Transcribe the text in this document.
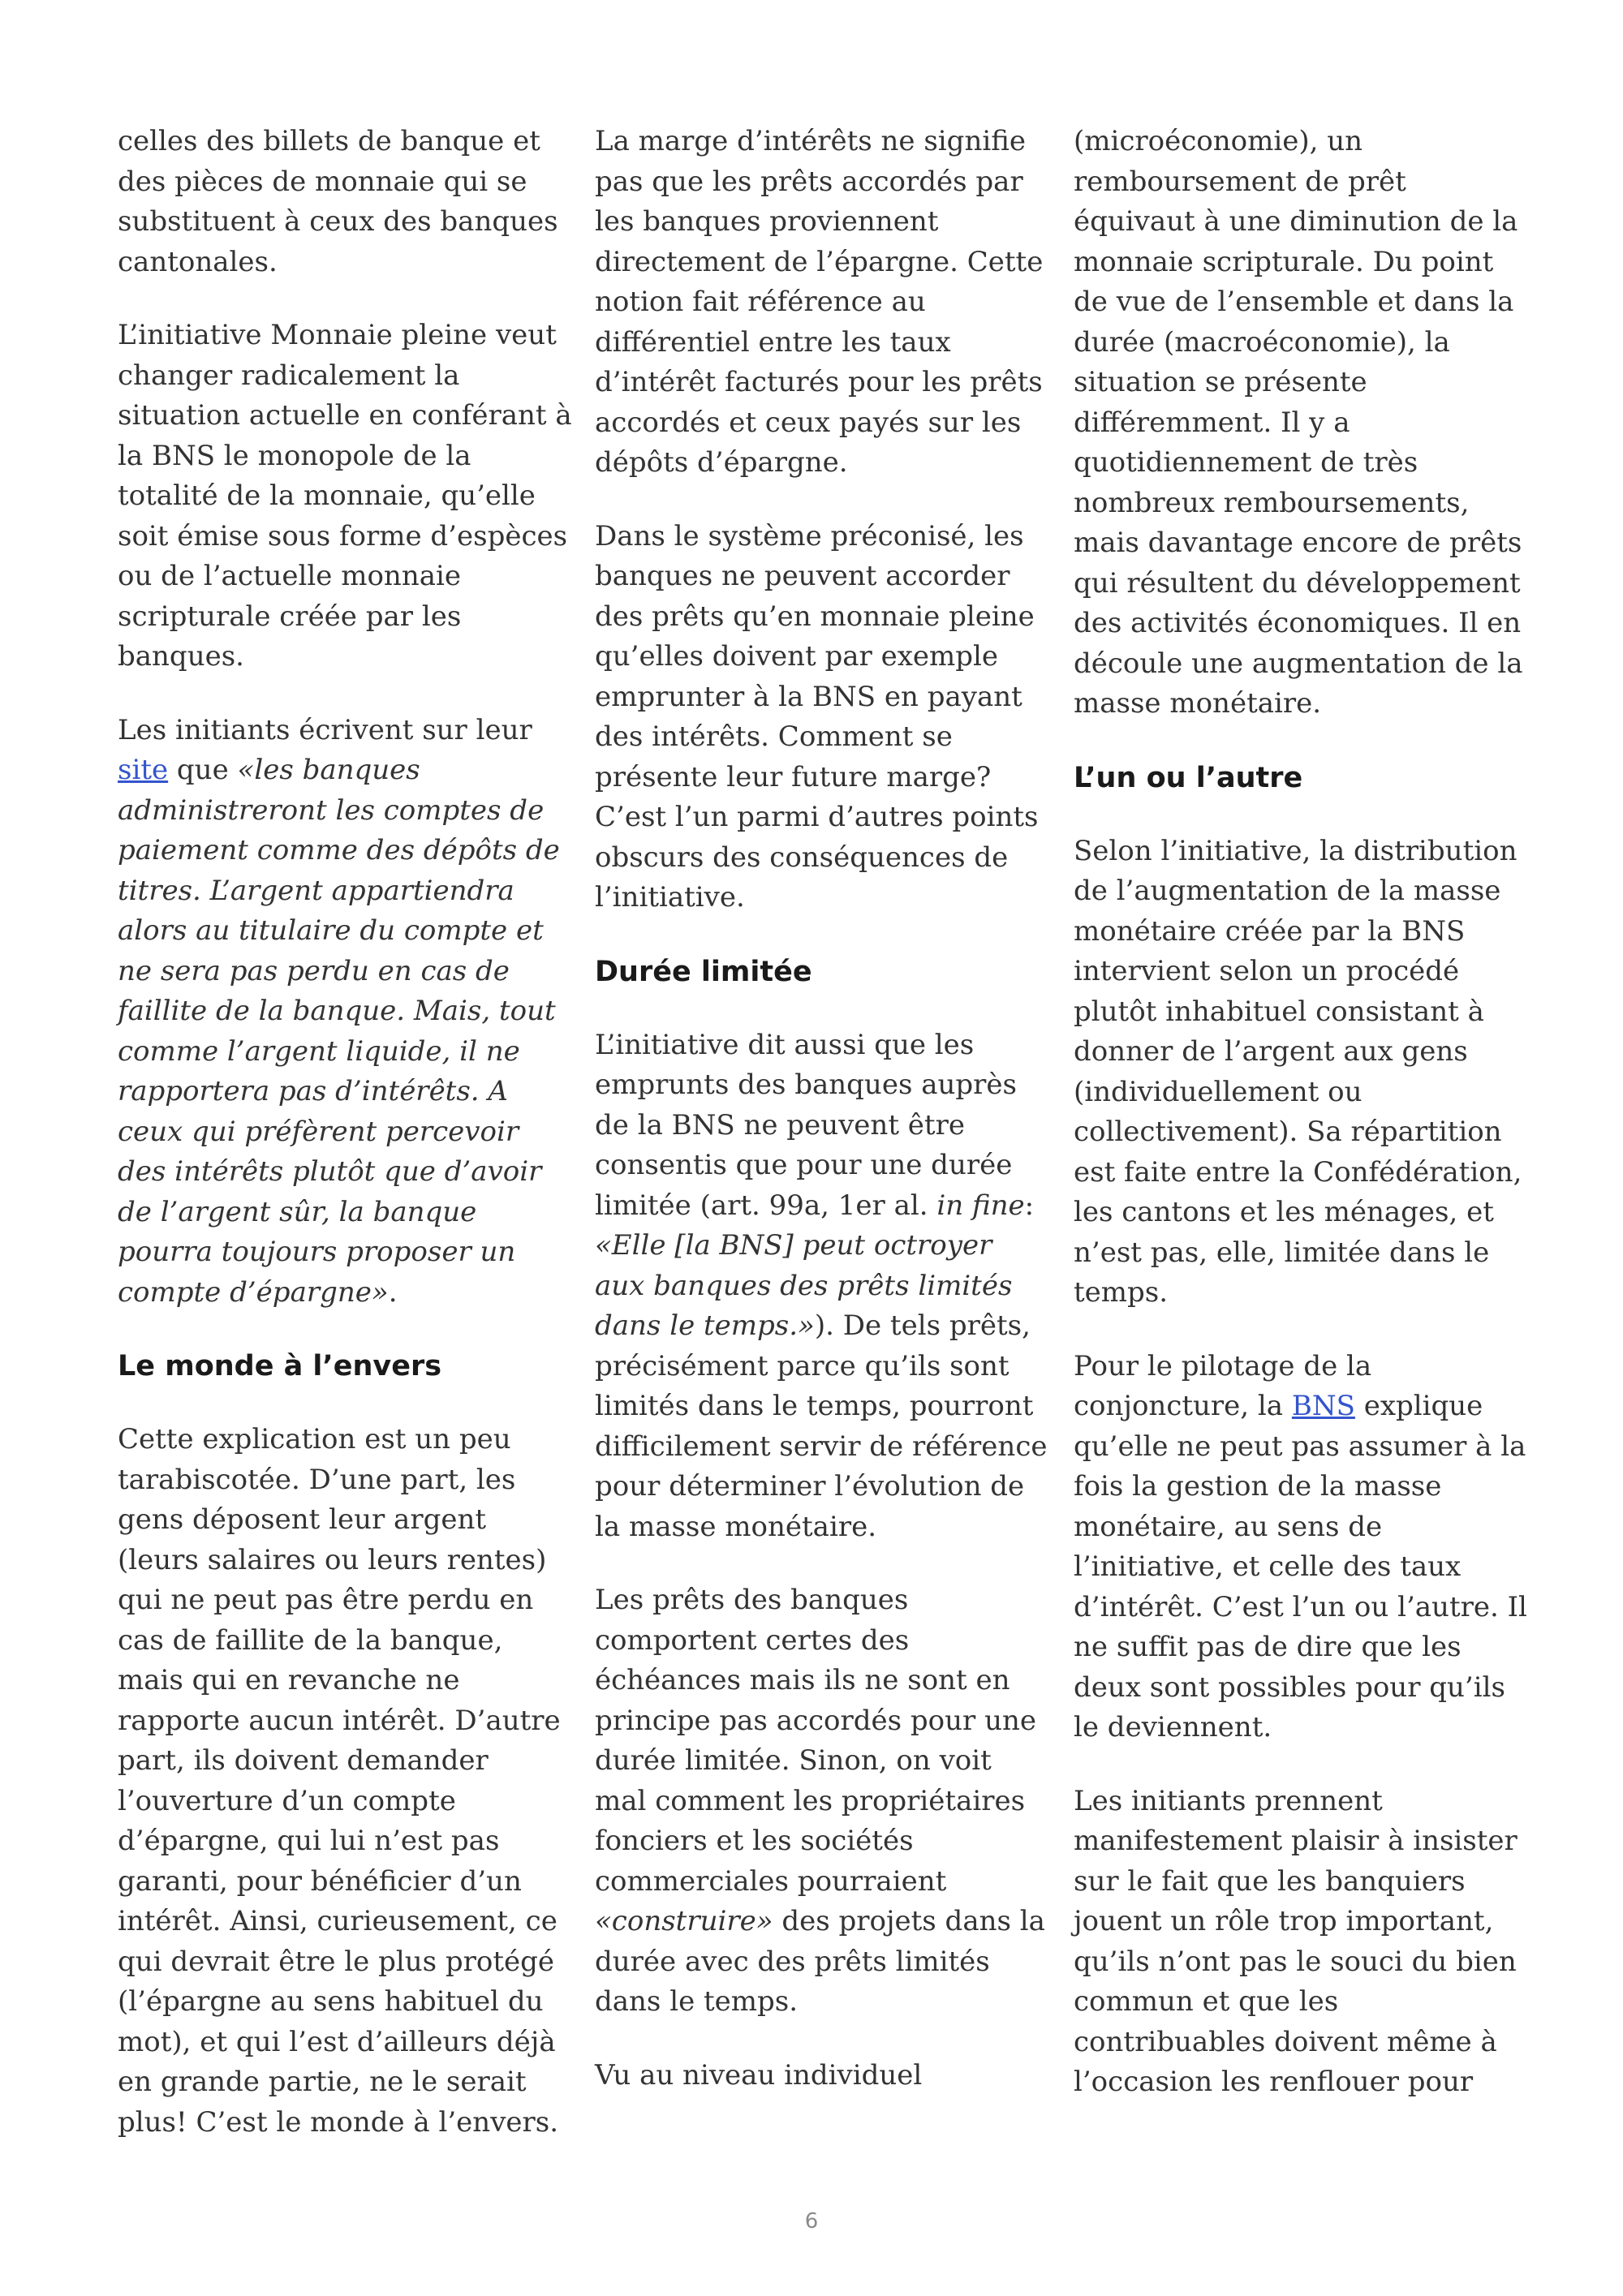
celles des billets de banque et des pièces de monnaie qui se substituent à ceux des banques cantonales.

L’initiative Monnaie pleine veut changer radicalement la situation actuelle en conférant à la BNS le monopole de la totalité de la monnaie, qu’elle soit émise sous forme d’espèces ou de l’actuelle monnaie scripturale créée par les banques.

Les initiants écrivent sur leur site que «les banques administreront les comptes de paiement comme des dépôts de titres. L’argent appartiendra alors au titulaire du compte et ne sera pas perdu en cas de faillite de la banque. Mais, tout comme l’argent liquide, il ne rapportera pas d’intérêts. A ceux qui préfèrent percevoir des intérêts plutôt que d’avoir de l’argent sûr, la banque pourra toujours proposer un compte d’épargne».

Le monde à l’envers

Cette explication est un peu tarabiscotée. D’une part, les gens déposent leur argent (leurs salaires ou leurs rentes) qui ne peut pas être perdu en cas de faillite de la banque, mais qui en revanche ne rapporte aucun intérêt. D’autre part, ils doivent demander l’ouverture d’un compte d’épargne, qui lui n’est pas garanti, pour bénéficier d’un intérêt. Ainsi, curieusement, ce qui devrait être le plus protégé (l’épargne au sens habituel du mot), et qui l’est d’ailleurs déjà en grande partie, ne le serait plus! C’est le monde à l’envers.

La marge d’intérêts ne signifie pas que les prêts accordés par les banques proviennent directement de l’épargne. Cette notion fait référence au différentiel entre les taux d’intérêt facturés pour les prêts accordés et ceux payés sur les dépôts d’épargne.

Dans le système préconisé, les banques ne peuvent accorder des prêts qu’en monnaie pleine qu’elles doivent par exemple emprunter à la BNS en payant des intérêts. Comment se présente leur future marge? C’est l’un parmi d’autres points obscurs des conséquences de l’initiative.

Durée limitée

L’initiative dit aussi que les emprunts des banques auprès de la BNS ne peuvent être consentis que pour une durée limitée (art. 99a, 1er al. in fine: «Elle [la BNS] peut octroyer aux banques des prêts limités dans le temps.»). De tels prêts, précisément parce qu’ils sont limités dans le temps, pourront difficilement servir de référence pour déterminer l’évolution de la masse monétaire.

Les prêts des banques comportent certes des échéances mais ils ne sont en principe pas accordés pour une durée limitée. Sinon, on voit mal comment les propriétaires fonciers et les sociétés commerciales pourraient «construire» des projets dans la durée avec des prêts limités dans le temps.

Vu au niveau individuel

(microéconomie), un remboursement de prêt équivaut à une diminution de la monnaie scripturale. Du point de vue de l’ensemble et dans la durée (macroéconomie), la situation se présente différemment. Il y a quotidiennement de très nombreux remboursements, mais davantage encore de prêts qui résultent du développement des activités économiques. Il en découle une augmentation de la masse monétaire.

L’un ou l’autre

Selon l’initiative, la distribution de l’augmentation de la masse monétaire créée par la BNS intervient selon un procédé plutôt inhabituel consistant à donner de l’argent aux gens (individuellement ou collectivement). Sa répartition est faite entre la Confédération, les cantons et les ménages, et n’est pas, elle, limitée dans le temps.

Pour le pilotage de la conjoncture, la BNS explique qu’elle ne peut pas assumer à la fois la gestion de la masse monétaire, au sens de l’initiative, et celle des taux d’intérêt. C’est l’un ou l’autre. Il ne suffit pas de dire que les deux sont possibles pour qu’ils le deviennent.

Les initiants prennent manifestement plaisir à insister sur le fait que les banquiers jouent un rôle trop important, qu’ils n’ont pas le souci du bien commun et que les contribuables doivent même à l’occasion les renflouer pour

6
